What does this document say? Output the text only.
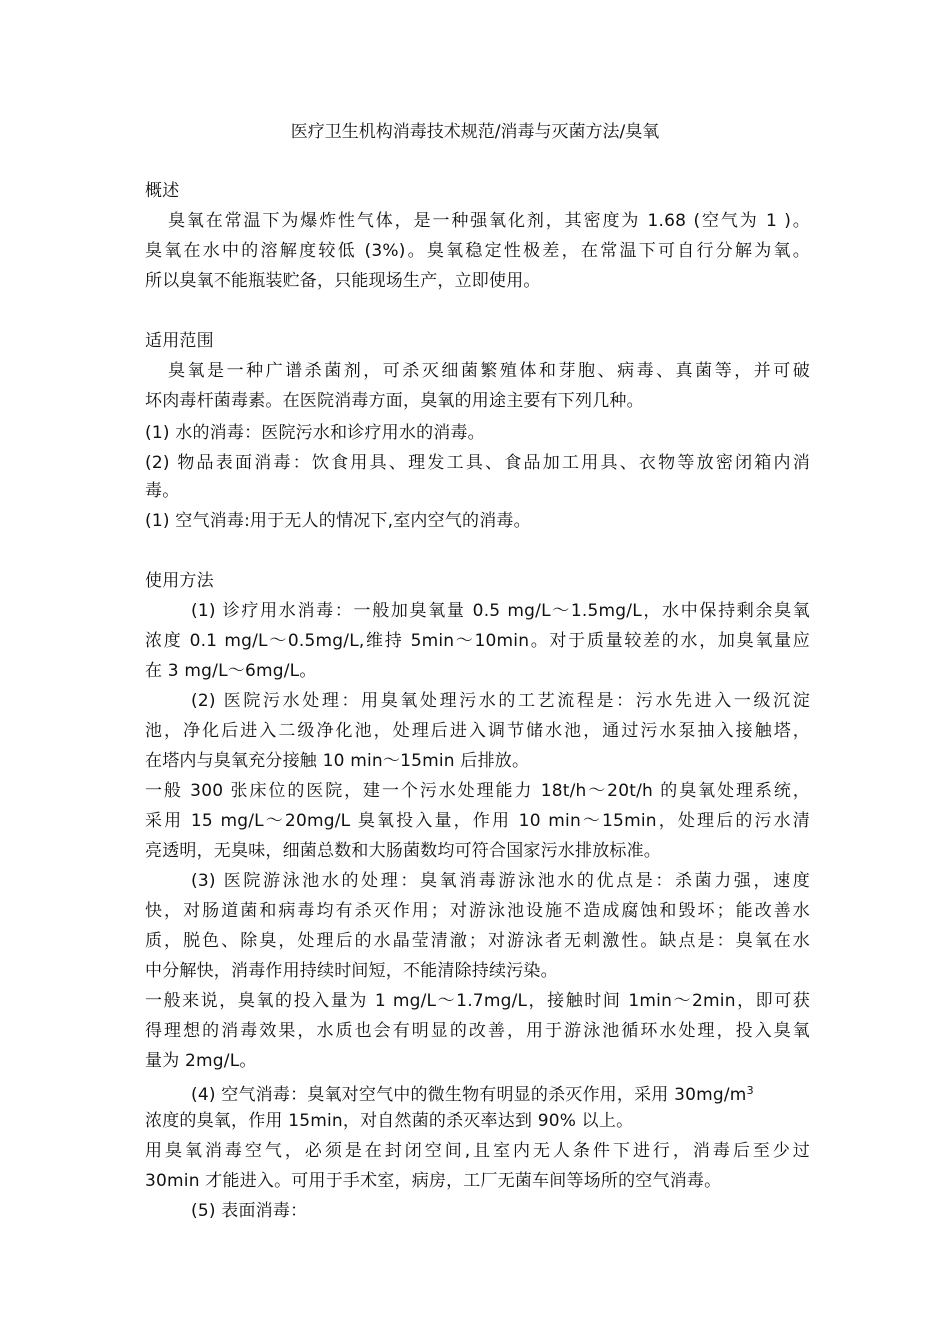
医疗卫生机构消毒技术规范/消毒与灭菌方法/臭氧
概述
臭氧在常温下为爆炸性气体，是一种强氧化剂，其密度为 1.68 (空气为 1 )。
臭氧在水中的溶解度较低 (3%)。臭氧稳定性极差，在常温下可自行分解为氧。
所以臭氧不能瓶装贮备，只能现场生产，立即使用。
适用范围
臭氧是一种广谱杀菌剂，可杀灭细菌繁殖体和芽胞、病毒、真菌等，并可破
坏肉毒杆菌毒素。在医院消毒方面，臭氧的用途主要有下列几种。
(1) 水的消毒：医院污水和诊疗用水的消毒。
(2) 物品表面消毒：饮食用具、理发工具、食品加工用具、衣物等放密闭箱内消
毒。
(1) 空气消毒:用于无人的情况下,室内空气的消毒。
使用方法
(1) 诊疗用水消毒：一般加臭氧量 0.5 mg/L～1.5mg/L，水中保持剩余臭氧
浓度 0.1 mg/L～0.5mg/L,维持 5min～10min。对于质量较差的水，加臭氧量应
在 3 mg/L～6mg/L。
(2) 医院污水处理：用臭氧处理污水的工艺流程是：污水先进入一级沉淀
池，净化后进入二级净化池，处理后进入调节储水池，通过污水泵抽入接触塔，
在塔内与臭氧充分接触 10 min～15min 后排放。
一般 300 张床位的医院，建一个污水处理能力 18t/h～20t/h 的臭氧处理系统，
采用 15 mg/L～20mg/L 臭氧投入量，作用 10 min～15min，处理后的污水清
亮透明，无臭味，细菌总数和大肠菌数均可符合国家污水排放标准。
(3) 医院游泳池水的处理：臭氧消毒游泳池水的优点是：杀菌力强，速度
快，对肠道菌和病毒均有杀灭作用；对游泳池设施不造成腐蚀和毁坏；能改善水
质，脱色、除臭，处理后的水晶莹清澈；对游泳者无刺激性。缺点是：臭氧在水
中分解快，消毒作用持续时间短，不能清除持续污染。
一般来说，臭氧的投入量为 1 mg/L～1.7mg/L，接触时间 1min～2min，即可获
得理想的消毒效果，水质也会有明显的改善，用于游泳池循环水处理，投入臭氧
量为 2mg/L。
(4) 空气消毒：臭氧对空气中的微生物有明显的杀灭作用，采用 $30mg/m^3$
浓度的臭氧，作用 15min，对自然菌的杀灭率达到 90% 以上。
用臭氧消毒空气，必须是在封闭空间,且室内无人条件下进行，消毒后至少过
30min 才能进入。可用于手术室，病房，工厂无菌车间等场所的空气消毒。
(5) 表面消毒：
